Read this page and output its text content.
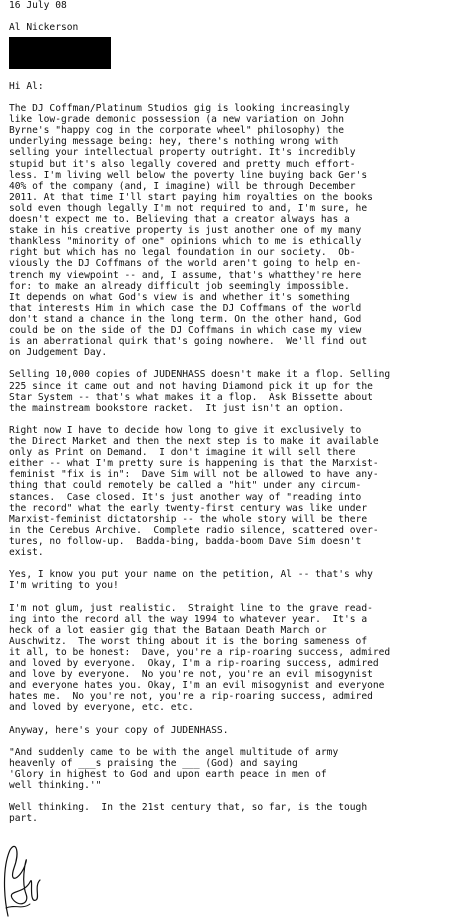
16 July 08
Al Nickerson
Hi Al:
The DJ Coffman/Platinum Studios gig is looking increasingly
like low-grade demonic possession (a new variation on John
Byrne's "happy cog in the corporate wheel" philosophy) the
underlying message being: hey, there's nothing wrong with
selling your intellectual property outright. It's incredibly
stupid but it's also legally covered and pretty much effort-
less. I'm living well below the poverty line buying back Ger's
40% of the company (and, I imagine) will be through December
2011. At that time I'll start paying him royalties on the books
sold even though legally I'm not required to and, I'm sure, he
doesn't expect me to. Believing that a creator always has a
stake in his creative property is just another one of my many
thankless "minority of one" opinions which to me is ethically
right but which has no legal foundation in our society.  Ob-
viously the DJ Coffmans of the world aren't going to help en-
trench my viewpoint -- and, I assume, that's whatthey're here
for: to make an already difficult job seemingly impossible.
It depends on what God's view is and whether it's something
that interests Him in which case the DJ Coffmans of the world
don't stand a chance in the long term. On the other hand, God
could be on the side of the DJ Coffmans in which case my view
is an aberrational quirk that's going nowhere.  We'll find out
on Judgement Day.
Selling 10,000 copies of JUDENHASS doesn't make it a flop. Selling
225 since it came out and not having Diamond pick it up for the
Star System -- that's what makes it a flop.  Ask Bissette about
the mainstream bookstore racket.  It just isn't an option.
Right now I have to decide how long to give it exclusively to
the Direct Market and then the next step is to make it available
only as Print on Demand.  I don't imagine it will sell there
either -- what I'm pretty sure is happening is that the Marxist-
feminist "fix is in":  Dave Sim will not be allowed to have any-
thing that could remotely be called a "hit" under any circum-
stances.  Case closed. It's just another way of "reading into
the record" what the early twenty-first century was like under
Marxist-feminist dictatorship -- the whole story will be there
in the Cerebus Archive.  Complete radio silence, scattered over-
tures, no follow-up.  Badda-bing, badda-boom Dave Sim doesn't
exist.
Yes, I know you put your name on the petition, Al -- that's why
I'm writing to you!
I'm not glum, just realistic.  Straight line to the grave read-
ing into the record all the way 1994 to whatever year.  It's a
heck of a lot easier gig that the Bataan Death March or
Auschwitz.  The worst thing about it is the boring sameness of
it all, to be honest:  Dave, you're a rip-roaring success, admired
and loved by everyone.  Okay, I'm a rip-roaring success, admired
and love by everyone.  No you're not, you're an evil misogynist
and everyone hates you. Okay, I'm an evil misogynist and everyone
hates me.  No you're not, you're a rip-roaring success, admired
and loved by everyone, etc. etc.
Anyway, here's your copy of JUDENHASS.
"And suddenly came to be with the angel multitude of army
heavenly of ___s praising the ___ (God) and saying
'Glory in highest to God and upon earth peace in men of
well thinking.'"
Well thinking.  In the 21st century that, so far, is the tough
part.
